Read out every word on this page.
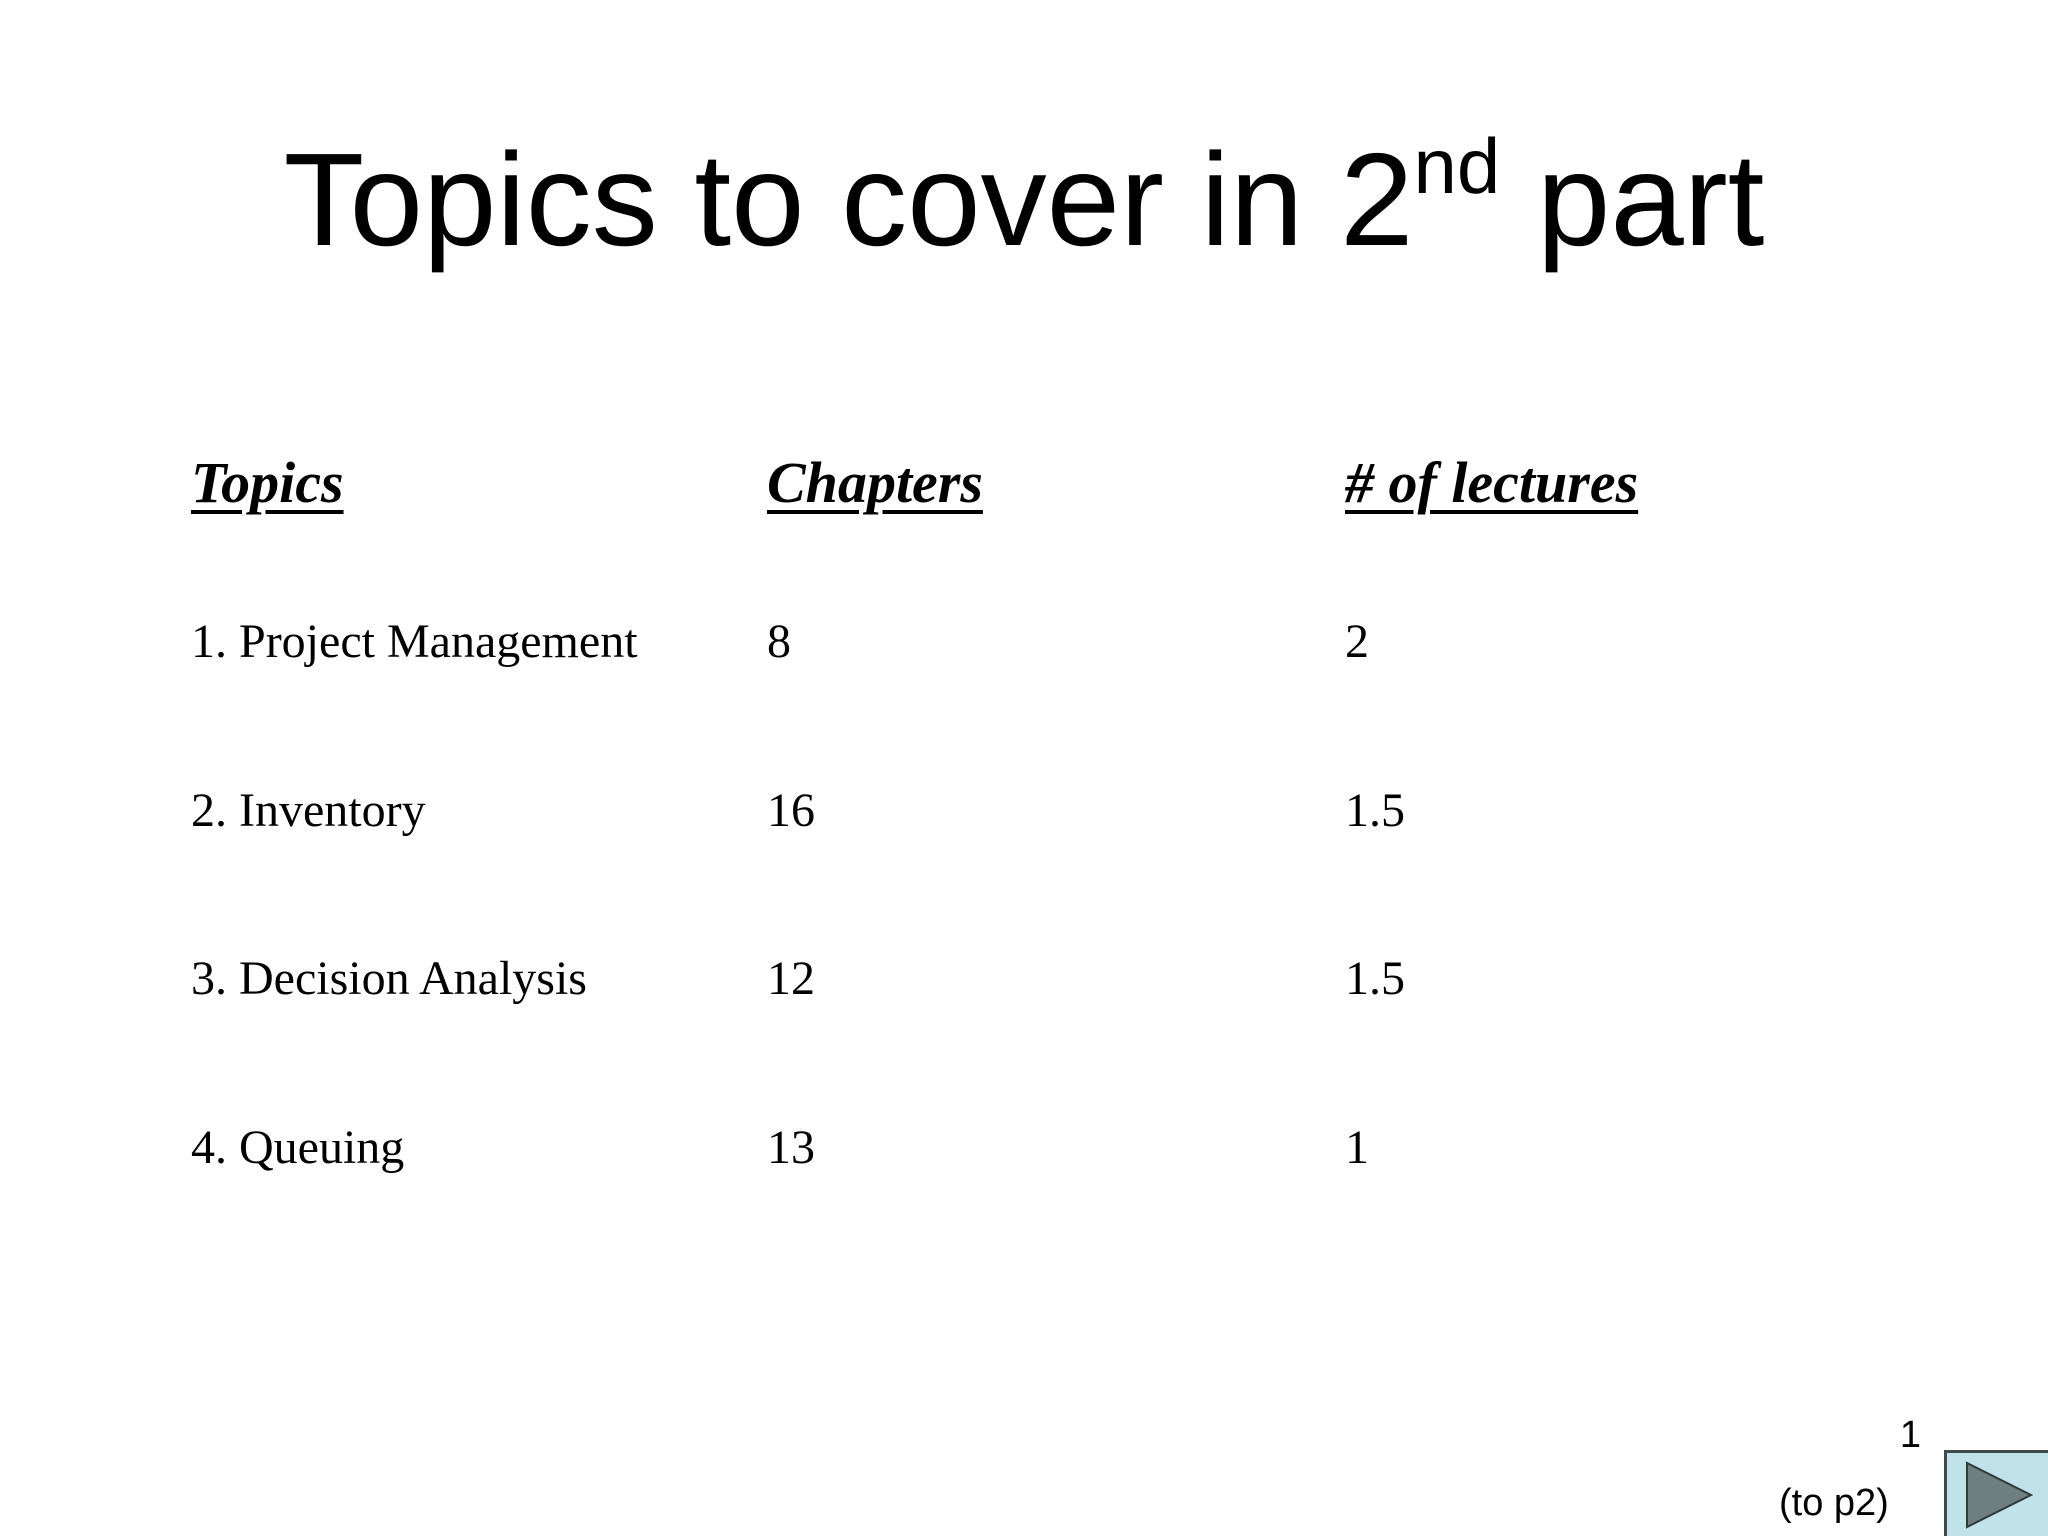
Topics to cover in 2nd part
Topics	Chapters	# of lectures
1. Project Management	8	2
2. Inventory	16	1.5
3. Decision Analysis	12	1.5
4. Queuing	13	1
1
(to p2)
